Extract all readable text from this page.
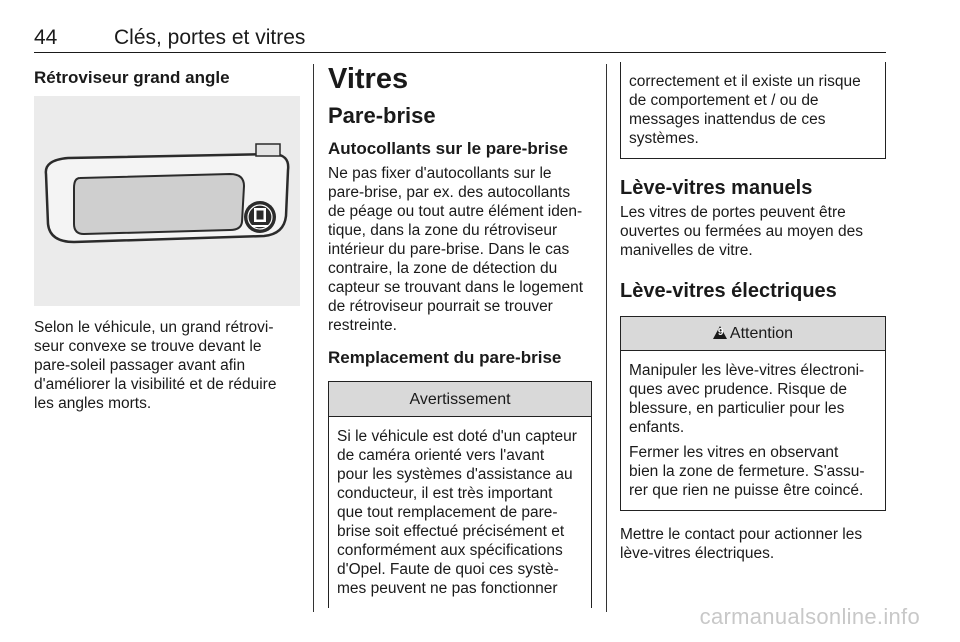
44	Clés, portes et vitres
Rétroviseur grand angle

Selon le véhicule, un grand rétrovi-
seur convexe se trouve devant le
pare-soleil passager avant afin
d'améliorer la visibilité et de réduire
les angles morts.

Vitres
Pare-brise
Autocollants sur le pare-brise

Ne pas fixer d'autocollants sur le
pare-brise, par ex. des autocollants
de péage ou tout autre élément iden-
tique, dans la zone du rétroviseur
intérieur du pare-brise. Dans le cas
contraire, la zone de détection du
capteur se trouvant dans le logement
de rétroviseur pourrait se trouver
restreinte.

Remplacement du pare-brise
Avertissement

Si le véhicule est doté d'un capteur
de caméra orienté vers l'avant
pour les systèmes d'assistance au
conducteur, il est très important
que tout remplacement de pare-
brise soit effectué précisément et
conformément aux spécifications
d'Opel. Faute de quoi ces systè-
mes peuvent ne pas fonctionner

correctement et il existe un risque
de comportement et / ou de
messages inattendus de ces
systèmes.

Lève-vitres manuels

Les vitres de portes peuvent être
ouvertes ou fermées au moyen des
manivelles de vitre.

Lève-vitres électriques
9 Attention

Manipuler les lève-vitres électroni-
ques avec prudence. Risque de
blessure, en particulier pour les
enfants.

Fermer les vitres en observant
bien la zone de fermeture. S'assu-
rer que rien ne puisse être coincé.

Mettre le contact pour actionner les
lève-vitres électriques.

carmanualsonline.info
